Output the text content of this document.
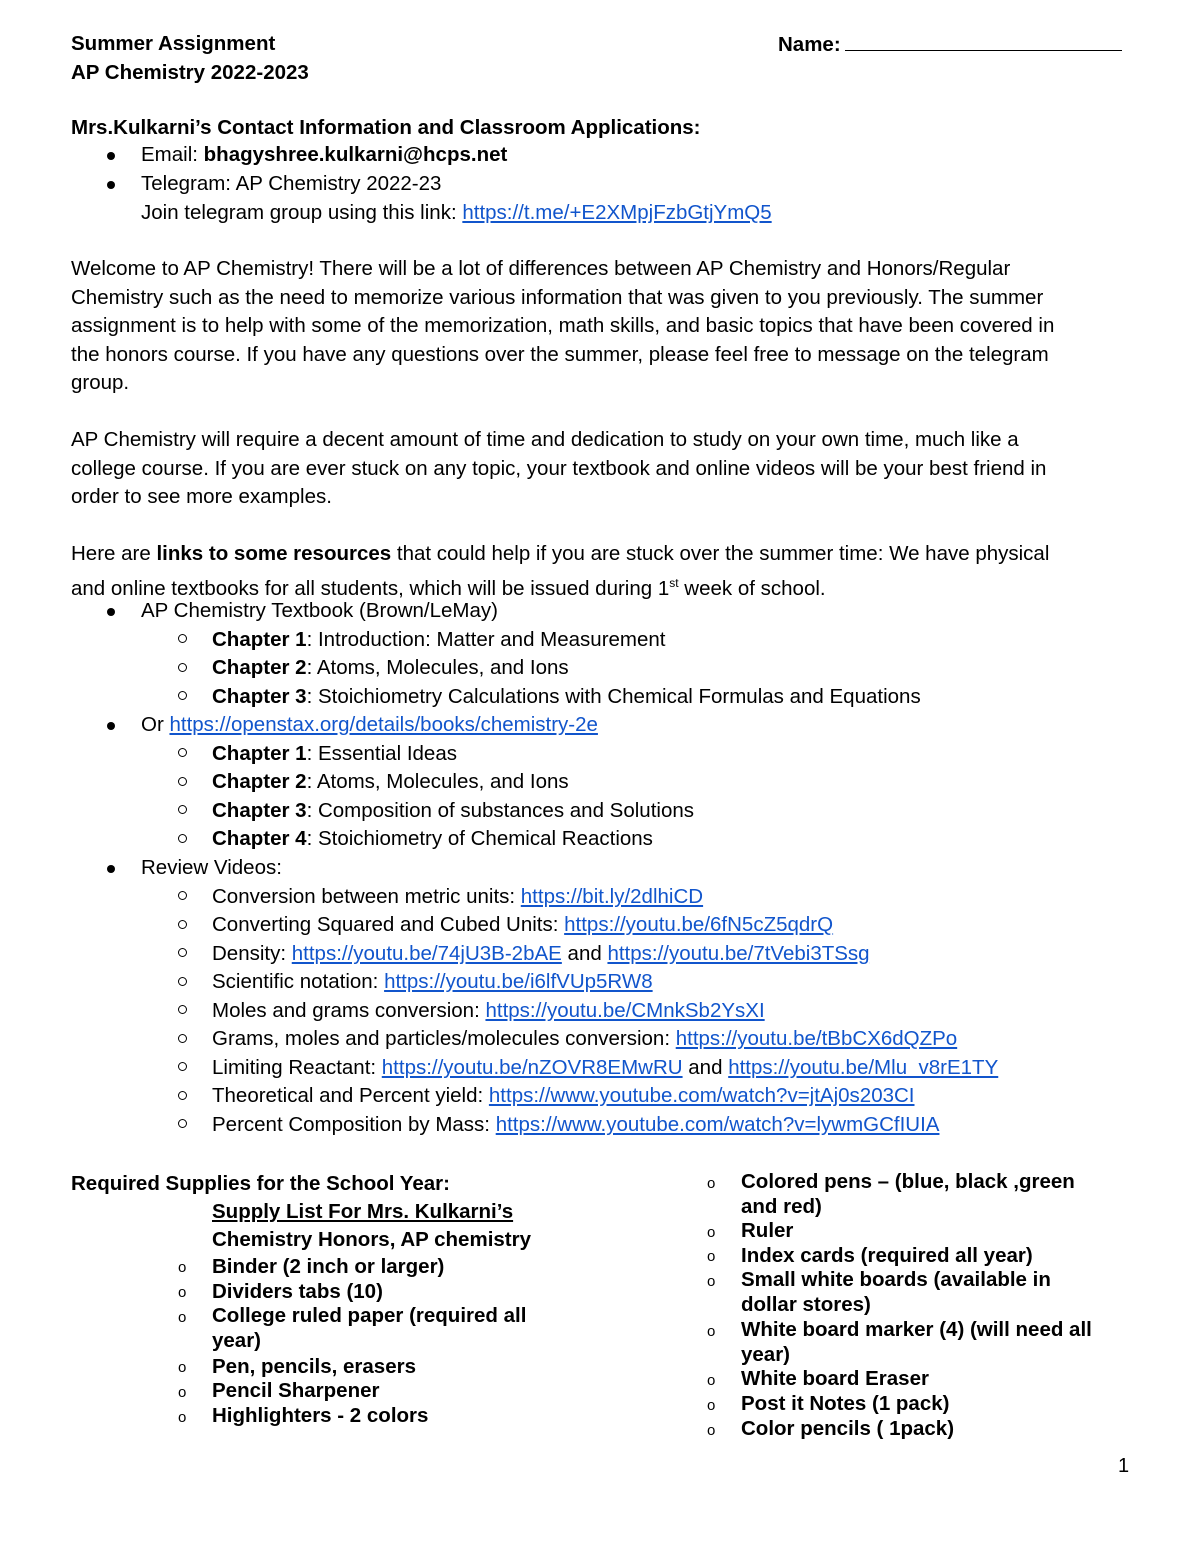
Summer Assignment
AP Chemistry 2022-2023
Name:
Mrs.Kulkarni’s Contact Information and Classroom Applications:
Email: bhagyshree.kulkarni@hcps.net
Telegram: AP Chemistry 2022-23
Join telegram group using this link: https://t.me/+E2XMpjFzbGtjYmQ5
Welcome to AP Chemistry! There will be a lot of differences between AP Chemistry and Honors/Regular
Chemistry such as the need to memorize various information that was given to you previously. The summer
assignment is to help with some of the memorization, math skills, and basic topics that have been covered in
the honors course. If you have any questions over the summer, please feel free to message on the telegram
group.
AP Chemistry will require a decent amount of time and dedication to study on your own time, much like a
college course. If you are ever stuck on any topic, your textbook and online videos will be your best friend in
order to see more examples.
Here are links to some resources that could help if you are stuck over the summer time: We have physical
and online textbooks for all students, which will be issued during 1st week of school.
AP Chemistry Textbook (Brown/LeMay)
Chapter 1: Introduction: Matter and Measurement
Chapter 2: Atoms, Molecules, and Ions
Chapter 3: Stoichiometry Calculations with Chemical Formulas and Equations
Or https://openstax.org/details/books/chemistry-2e
Chapter 1: Essential Ideas
Chapter 2: Atoms, Molecules, and Ions
Chapter 3: Composition of substances and Solutions
Chapter 4: Stoichiometry of Chemical Reactions
Review Videos:
Conversion between metric units: https://bit.ly/2dlhiCD
Converting Squared and Cubed Units: https://youtu.be/6fN5cZ5qdrQ
Density: https://youtu.be/74jU3B-2bAE and https://youtu.be/7tVebi3TSsg
Scientific notation: https://youtu.be/i6lfVUp5RW8
Moles and grams conversion: https://youtu.be/CMnkSb2YsXI
Grams, moles and particles/molecules conversion: https://youtu.be/tBbCX6dQZPo
Limiting Reactant: https://youtu.be/nZOVR8EMwRU and https://youtu.be/Mlu_v8rE1TY
Theoretical and Percent yield: https://www.youtube.com/watch?v=jtAj0s203CI
Percent Composition by Mass: https://www.youtube.com/watch?v=lywmGCfIUIA
Required Supplies for the School Year:
Supply List For Mrs. Kulkarni’s
Chemistry Honors, AP chemistry
o Binder (2 inch or larger)
o Dividers tabs (10)
o College ruled paper (required all
year)
o Pen, pencils, erasers
o Pencil Sharpener
o Highlighters - 2 colors
o Colored pens – (blue, black ,green
and red)
o Ruler
o Index cards (required all year)
o Small white boards (available in
dollar stores)
o White board marker (4) (will need all
year)
o White board Eraser
o Post it Notes (1 pack)
o Color pencils ( 1pack)
1
